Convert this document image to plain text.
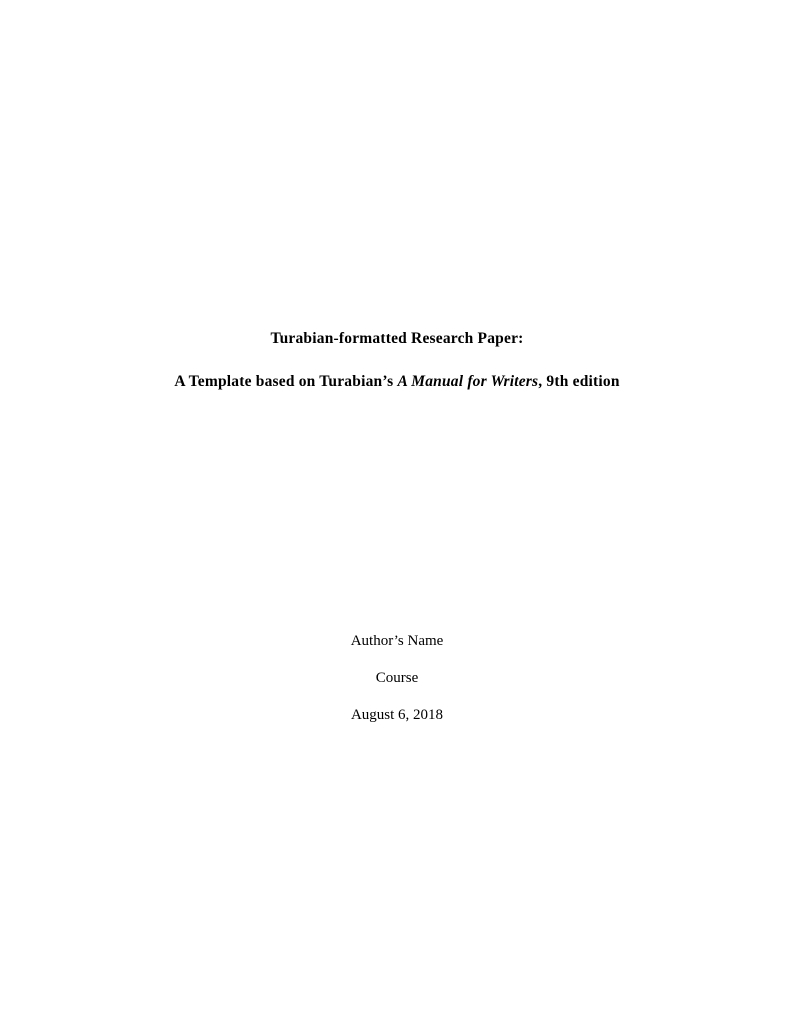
Turabian-formatted Research Paper:
A Template based on Turabian’s A Manual for Writers, 9th edition
Author’s Name
Course
August 6, 2018
